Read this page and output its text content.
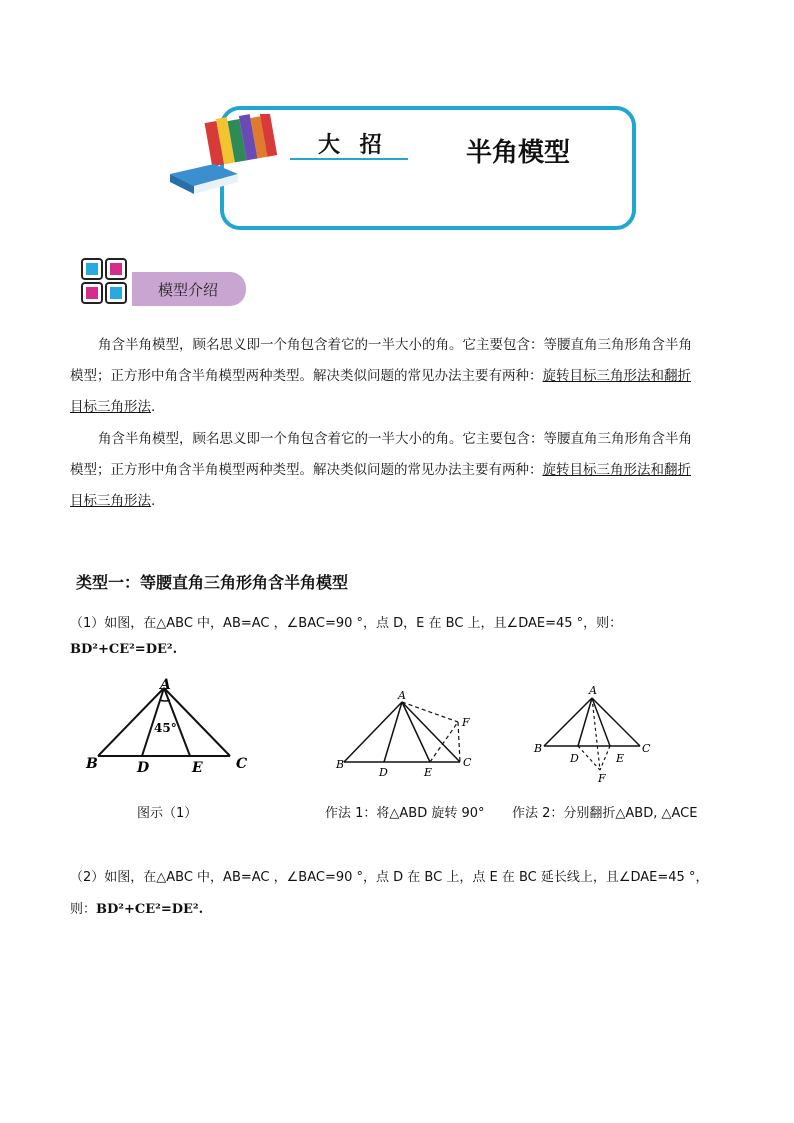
大 招	半角模型
模型介绍
角含半角模型，顾名思义即一个角包含着它的一半大小的角。它主要包含：等腰直角三角形角含半角
模型；正方形中角含半角模型两种类型。解决类似问题的常见办法主要有两种：旋转目标三角形法和翻折
目标三角形法.
角含半角模型，顾名思义即一个角包含着它的一半大小的角。它主要包含：等腰直角三角形角含半角
模型；正方形中角含半角模型两种类型。解决类似问题的常见办法主要有两种：旋转目标三角形法和翻折
目标三角形法.
类型一：等腰直角三角形角含半角模型
（1）如图，在△ABC 中，AB=AC ，∠BAC=90 °，点 D，E 在 BC 上，且∠DAE=45 °，则：
BD²+CE²=DE².
A
B	C
D	E
45°
图示（1）
A
B	C
D	E
F
作法 1：将△ABD 旋转 90°
A
B	C
D	E
F
作法 2：分别翻折△ABD, △ACE
（2）如图，在△ABC 中，AB=AC ，∠BAC=90 °，点 D 在 BC 上，点 E 在 BC 延长线上，且∠DAE=45 °，
则：BD²+CE²=DE².
